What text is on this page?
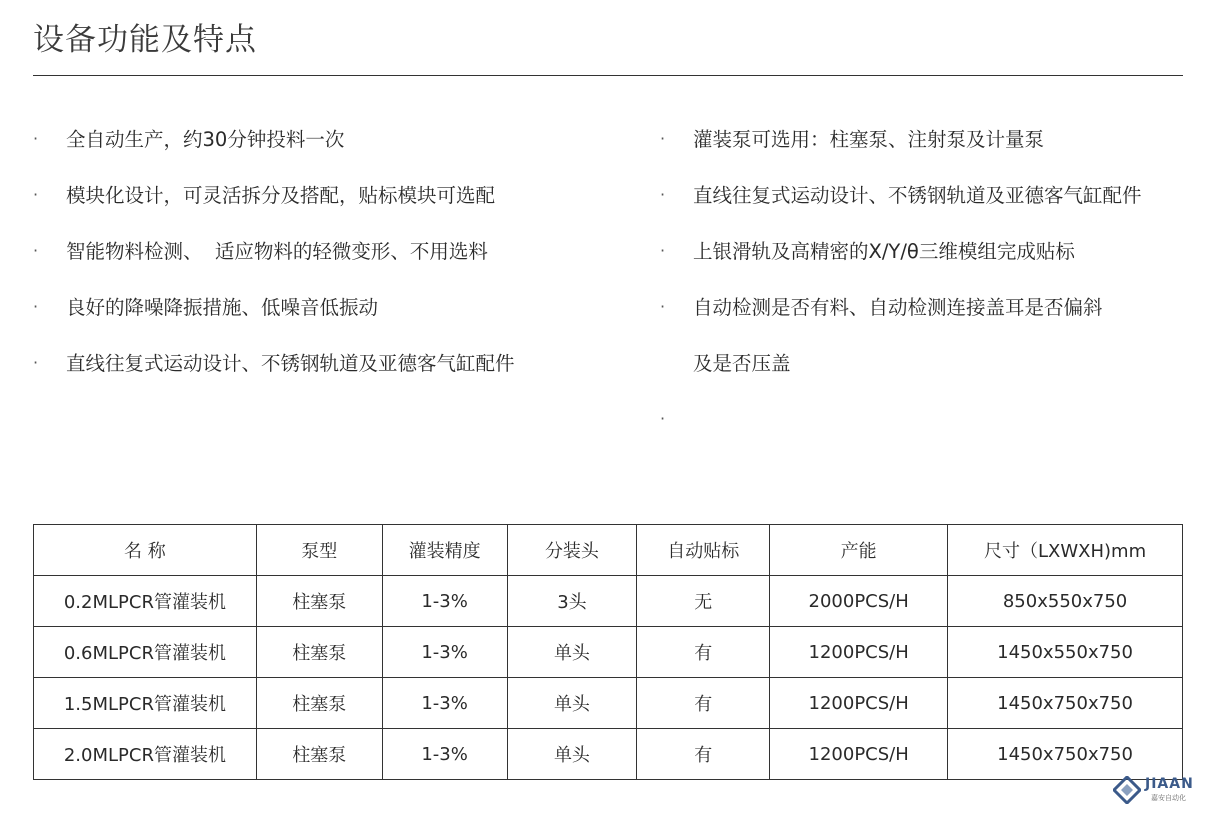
设备功能及特点
·	全自动生产，约30分钟投料一次
·	模块化设计，可灵活拆分及搭配，贴标模块可选配
·	智能物料检测、  适应物料的轻微变形、不用选料
·	良好的降噪降振措施、低噪音低振动
·	直线往复式运动设计、不锈钢轨道及亚德客气缸配件
·	灌装泵可选用：柱塞泵、注射泵及计量泵
·	直线往复式运动设计、不锈钢轨道及亚德客气缸配件
·	上银滑轨及高精密的X/Y/θ三维模组完成贴标
·	自动检测是否有料、自动检测连接盖耳是否偏斜
及是否压盖
·
名 称	泵型	灌装精度	分装头	自动贴标	产能	尺寸（LXWXH)mm
0.2MLPCR管灌装机	柱塞泵	1-3%	3头	无	2000PCS/H	850x550x750
0.6MLPCR管灌装机	柱塞泵	1-3%	单头	有	1200PCS/H	1450x550x750
1.5MLPCR管灌装机	柱塞泵	1-3%	单头	有	1200PCS/H	1450x750x750
2.0MLPCR管灌装机	柱塞泵	1-3%	单头	有	1200PCS/H	1450x750x750
JIAAN
嘉安自动化
